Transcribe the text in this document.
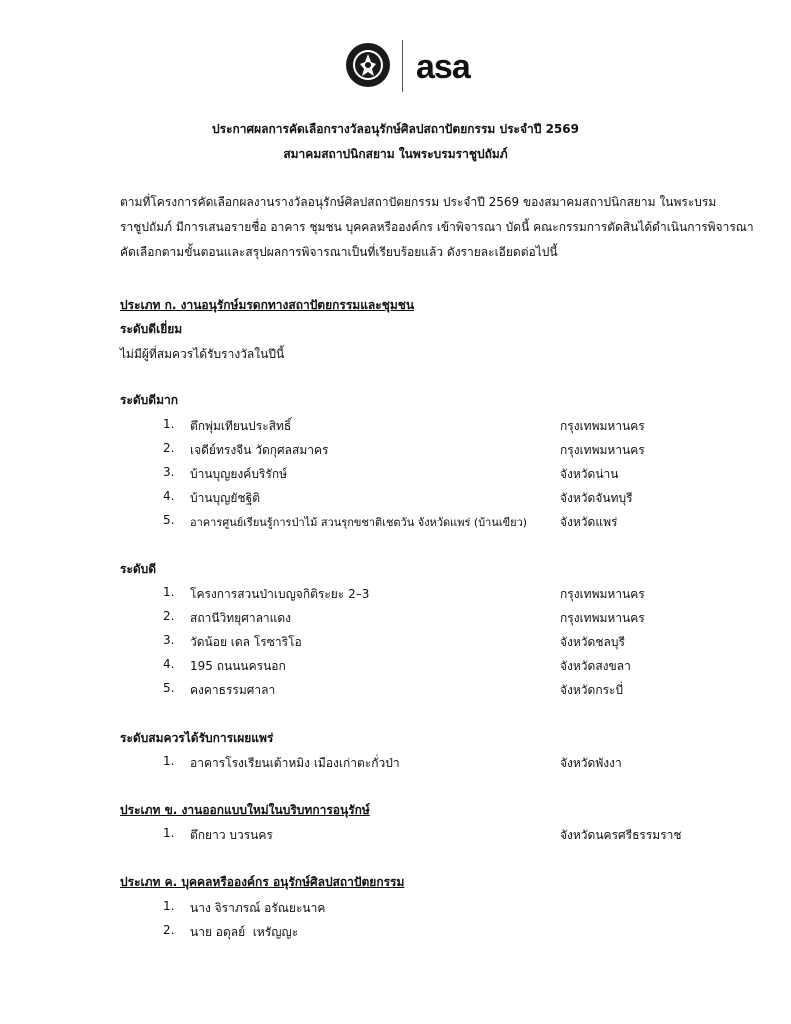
asa
ประกาศผลการคัดเลือกรางวัลอนุรักษ์ศิลปสถาปัตยกรรม ประจำปี 2569
สมาคมสถาปนิกสยาม ในพระบรมราชูปถัมภ์
ตามที่โครงการคัดเลือกผลงานรางวัลอนุรักษ์ศิลปสถาปัตยกรรม ประจำปี 2569 ของสมาคมสถาปนิกสยาม ในพระบรม
ราชูปถัมภ์ มีการเสนอรายชื่อ อาคาร ชุมชน บุคคลหรือองค์กร เข้าพิจารณา บัดนี้ คณะกรรมการตัดสินได้ดำเนินการพิจารณา
คัดเลือกตามขั้นตอนและสรุปผลการพิจารณาเป็นที่เรียบร้อยแล้ว ดังรายละเอียดต่อไปนี้
ประเภท ก. งานอนุรักษ์มรดกทางสถาปัตยกรรมและชุมชน
ระดับดีเยี่ยม
ไม่มีผู้ที่สมควรได้รับรางวัลในปีนี้
ระดับดีมาก
1. ตึกพุ่มเทียนประสิทธิ์	กรุงเทพมหานคร
2. เจดีย์ทรงจีน วัดกุศลสมาคร	กรุงเทพมหานคร
3. บ้านบุญยงค์บริรักษ์	จังหวัดน่าน
4. บ้านบุญยัชฐิติ	จังหวัดจันทบุรี
5. อาคารศูนย์เรียนรู้การป่าไม้ สวนรุกขชาติเชตวัน จังหวัดแพร่ (บ้านเขียว)	จังหวัดแพร่
ระดับดี
1. โครงการสวนป่าเบญจกิติระยะ 2–3	กรุงเทพมหานคร
2. สถานีวิทยุศาลาแดง	กรุงเทพมหานคร
3. วัดน้อย เดล โรซาริโอ	จังหวัดชลบุรี
4. 195 ถนนนครนอก	จังหวัดสงขลา
5. คงคาธรรมศาลา	จังหวัดกระบี่
ระดับสมควรได้รับการเผยแพร่
1. อาคารโรงเรียนเต้าหมิง เมืองเก่าตะกั่วป่า	จังหวัดพังงา
ประเภท ข. งานออกแบบใหม่ในบริบทการอนุรักษ์
1. ตึกยาว บวรนคร	จังหวัดนครศรีธรรมราช
ประเภท ค. บุคคลหรือองค์กร อนุรักษ์ศิลปสถาปัตยกรรม
1. นาง จิราภรณ์ อรัณยะนาค
2. นาย อดุลย์  เหรัญญะ
